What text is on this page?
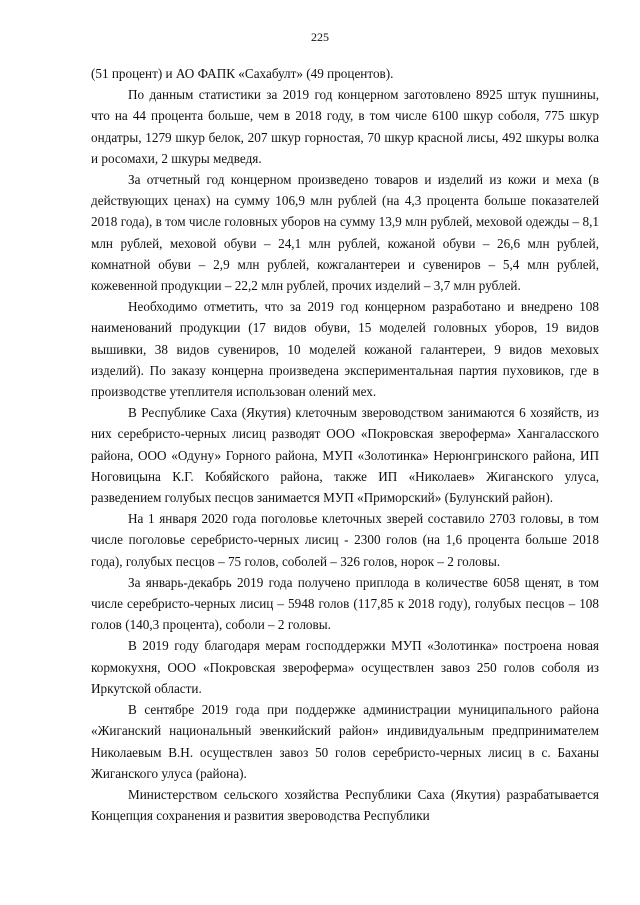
225

(51 процент) и АО ФАПК «Сахабулт» (49 процентов).

По данным статистики за 2019 год концерном заготовлено 8925 штук пушнины, что на 44 процента больше, чем в 2018 году, в том числе 6100 шкур соболя, 775 шкур ондатры, 1279 шкур белок, 207 шкур горностая, 70 шкур красной лисы, 492 шкуры волка и росомахи, 2 шкуры медведя.

За отчетный год концерном произведено товаров и изделий из кожи и меха (в действующих ценах) на сумму 106,9 млн рублей (на 4,3 процента больше показателей 2018 года), в том числе головных уборов на сумму 13,9 млн рублей, меховой одежды – 8,1 млн рублей, меховой обуви – 24,1 млн рублей, кожаной обуви – 26,6 млн рублей, комнатной обуви – 2,9 млн рублей, кожгалантереи и сувениров – 5,4 млн рублей, кожевенной продукции – 22,2 млн рублей, прочих изделий – 3,7 млн рублей.

Необходимо отметить, что за 2019 год концерном разработано и внедрено 108 наименований продукции (17 видов обуви, 15 моделей головных уборов, 19 видов вышивки, 38 видов сувениров, 10 моделей кожаной галантереи, 9 видов меховых изделий). По заказу концерна произведена экспериментальная партия пуховиков, где в производстве утеплителя использован олений мех.

В Республике Саха (Якутия) клеточным звероводством занимаются 6 хозяйств, из них серебристо-черных лисиц разводят ООО «Покровская звероферма» Хангаласского района, ООО «Одуну» Горного района, МУП «Золотинка» Нерюнгринского района, ИП Ноговицына К.Г. Кобяйского района, также ИП «Николаев» Жиганского улуса, разведением голубых песцов занимается МУП «Приморский» (Булунский район).

На 1 января 2020 года поголовье клеточных зверей составило 2703 головы, в том числе поголовье серебристо-черных лисиц - 2300 голов (на 1,6 процента больше 2018 года), голубых песцов – 75 голов, соболей – 326 голов, норок – 2 головы.

За январь-декабрь 2019 года получено приплода в количестве 6058 щенят, в том числе серебристо-черных лисиц – 5948 голов (117,85 к 2018 году), голубых песцов – 108 голов (140,3 процента), соболи – 2 головы.

В 2019 году благодаря мерам господдержки МУП «Золотинка» построена новая кормокухня, ООО «Покровская звероферма» осуществлен завоз 250 голов соболя из Иркутской области.

В сентябре 2019 года при поддержке администрации муниципального района «Жиганский национальный эвенкийский район» индивидуальным предпринимателем Николаевым В.Н. осуществлен завоз 50 голов серебристо-черных лисиц в с. Баханы Жиганского улуса (района).

Министерством сельского хозяйства Республики Саха (Якутия) разрабатывается Концепция сохранения и развития звероводства Республики
